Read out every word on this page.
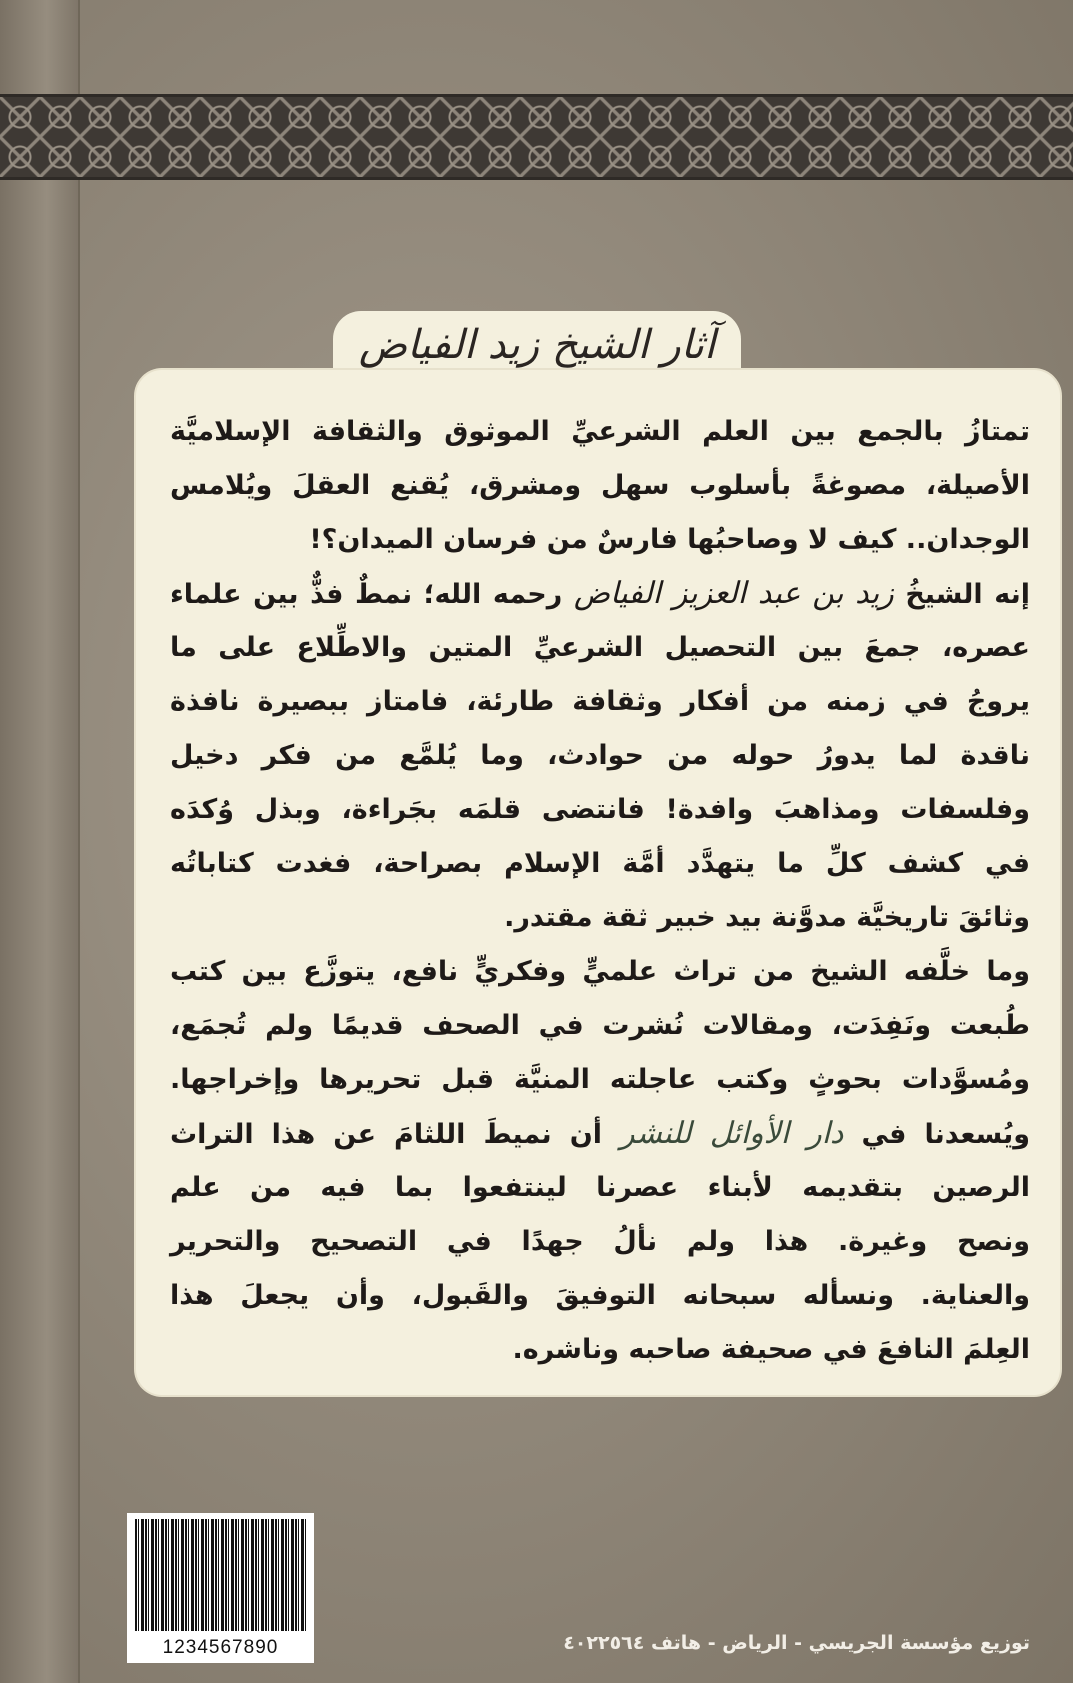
آثار الشيخ زيد الفياض
تمتازُ بالجمع بين العلم الشرعيِّ الموثوق والثقافة الإسلاميَّة
الأصيلة، مصوغةً بأسلوب سهل ومشرق، يُقنع العقلَ ويُلامس
الوجدان.. كيف لا وصاحبُها فارسٌ من فرسان الميدان؟!
إنه الشيخُ زيد بن عبد العزيز الفياض رحمه الله؛ نمطٌ فذٌّ بين علماء
عصره، جمعَ بين التحصيل الشرعيِّ المتين والاطِّلاع على ما
يروجُ في زمنه من أفكار وثقافة طارئة، فامتاز ببصيرة نافذة
ناقدة لما يدورُ حوله من حوادث، وما يُلمَّع من فكر دخيل
وفلسفات ومذاهبَ وافدة! فانتضى قلمَه بجَراءة، وبذل وُكدَه
في كشف كلِّ ما يتهدَّد أمَّة الإسلام بصراحة، فغدت كتاباتُه
وثائقَ تاريخيَّة مدوَّنة بيد خبير ثقة مقتدر.
وما خلَّفه الشيخ من تراث علميٍّ وفكريٍّ نافع، يتوزَّع بين كتب
طُبعت ونَفِدَت، ومقالات نُشرت في الصحف قديمًا ولم تُجمَع،
ومُسوَّدات بحوثٍ وكتب عاجلته المنيَّة قبل تحريرها وإخراجها.
ويُسعدنا في دار الأوائل للنشر أن نميطَ اللثامَ عن هذا التراث
الرصين بتقديمه لأبناء عصرنا لينتفعوا بما فيه من علم
ونصح وغيرة. هذا ولم نألُ جهدًا في التصحيح والتحرير
والعناية. ونسأله سبحانه التوفيقَ والقَبول، وأن يجعلَ هذا
العِلمَ النافعَ في صحيفة صاحبه وناشره.
1234567890	توزيع مؤسسة الجريسي - الرياض - هاتف ٤٠٢٢٥٦٤
